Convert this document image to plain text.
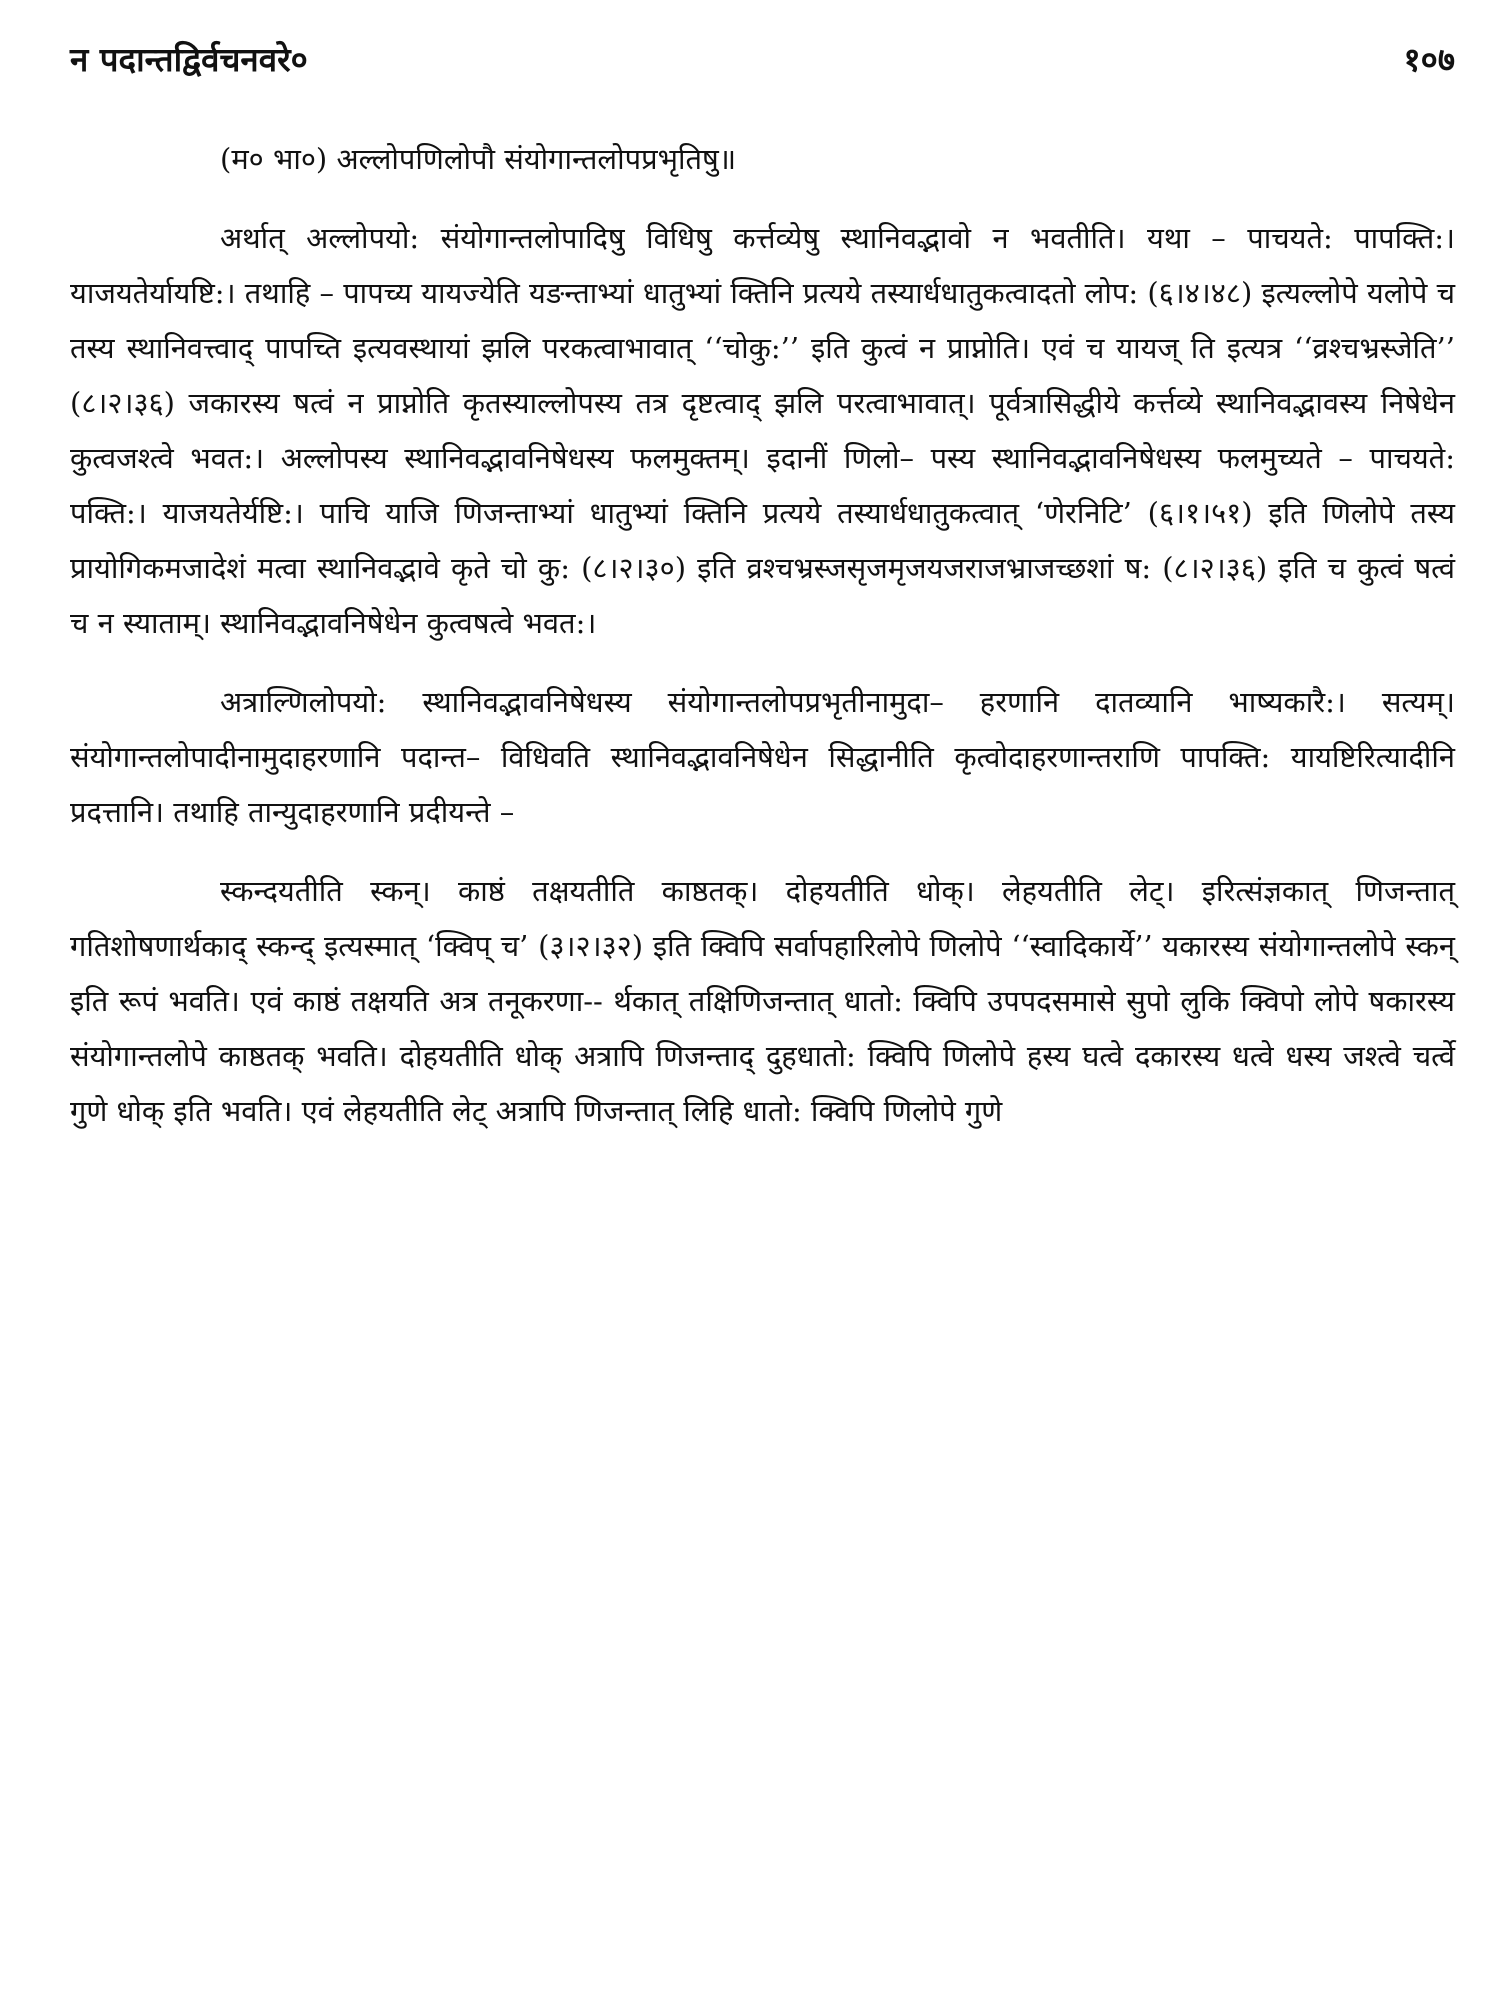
न पदान्तद्विर्वचनवरे०	१०७

(म० भा०) अल्लोपणिलोपौ संयोगान्तलोपप्रभृतिषु॥

अर्थात् अल्लोपयो: संयोगान्तलोपादिषु विधिषु कर्त्तव्येषु स्थानिवद्भावो न भवतीति। यथा – पाचयते: पापक्ति:। याजयतेर्यायष्टि:। तथाहि – पापच्य यायज्येति यङन्ताभ्यां धातुभ्यां क्तिनि प्रत्यये तस्यार्धधातुकत्वादतो लोप: (६।४।४८) इत्यल्लोपे यलोपे च तस्य स्थानिवत्त्वाद् पापच्ति इत्यवस्थायां झलि परकत्वाभावात् ‘‘चोकु:’’ इति कुत्वं न प्राप्नोति। एवं च यायज् ति इत्यत्र ‘‘व्रश्चभ्रस्जेति’’ (८।२।३६) जकारस्य षत्वं न प्राप्नोति कृतस्याल्लोपस्य तत्र दृष्टत्वाद् झलि परत्वाभावात्। पूर्वत्रासिद्धीये कर्त्तव्ये स्थानिवद्भावस्य निषेधेन कुत्वजश्त्वे भवत:। अल्लोपस्य स्थानिवद्भावनिषेधस्य फलमुक्तम्। इदानीं णिलो– पस्य स्थानिवद्भावनिषेधस्य फलमुच्यते – पाचयते: पक्ति:। याजयतेर्यष्टि:। पाचि याजि णिजन्ताभ्यां धातुभ्यां क्तिनि प्रत्यये तस्यार्धधातुकत्वात् ‘णेरनिटि’ (६।१।५१) इति णिलोपे तस्य प्रायोगिकमजादेशं मत्वा स्थानिवद्भावे कृते चो कु: (८।२।३०) इति व्रश्चभ्रस्जसृजमृजयजराजभ्राजच्छशां ष: (८।२।३६) इति च कुत्वं षत्वं च न स्याताम्। स्थानिवद्भावनिषेधेन कुत्वषत्वे भवत:।

अत्राल्णिलोपयो: स्थानिवद्भावनिषेधस्य संयोगान्तलोपप्रभृतीनामुदा– हरणानि दातव्यानि भाष्यकारै:। सत्यम्। संयोगान्तलोपादीनामुदाहरणानि पदान्त– विधिवति स्थानिवद्भावनिषेधेन सिद्धानीति कृत्वोदाहरणान्तराणि पापक्ति: यायष्टिरित्यादीनि प्रदत्तानि। तथाहि तान्युदाहरणानि प्रदीयन्ते –

स्कन्दयतीति स्कन्। काष्ठं तक्षयतीति काष्ठतक्। दोहयतीति धोक्। लेहयतीति लेट्। इरित्संज्ञकात् णिजन्तात् गतिशोषणार्थकाद् स्कन्द् इत्यस्मात् ‘क्विप् च’ (३।२।३२) इति क्विपि सर्वापहारिलोपे णिलोपे ‘‘स्वादिकार्ये’’ यकारस्य संयोगान्तलोपे स्कन् इति रूपं भवति। एवं काष्ठं तक्षयति अत्र तनूकरणा-- र्थकात् तक्षिणिजन्तात् धातो: क्विपि उपपदसमासे सुपो लुकि क्विपो लोपे षकारस्य संयोगान्तलोपे काष्ठतक् भवति। दोहयतीति धोक् अत्रापि णिजन्ताद् दुहधातो: क्विपि णिलोपे हस्य घत्वे दकारस्य धत्वे धस्य जश्त्वे चर्त्वे गुणे धोक् इति भवति। एवं लेहयतीति लेट् अत्रापि णिजन्तात् लिहि धातो: क्विपि णिलोपे गुणे
